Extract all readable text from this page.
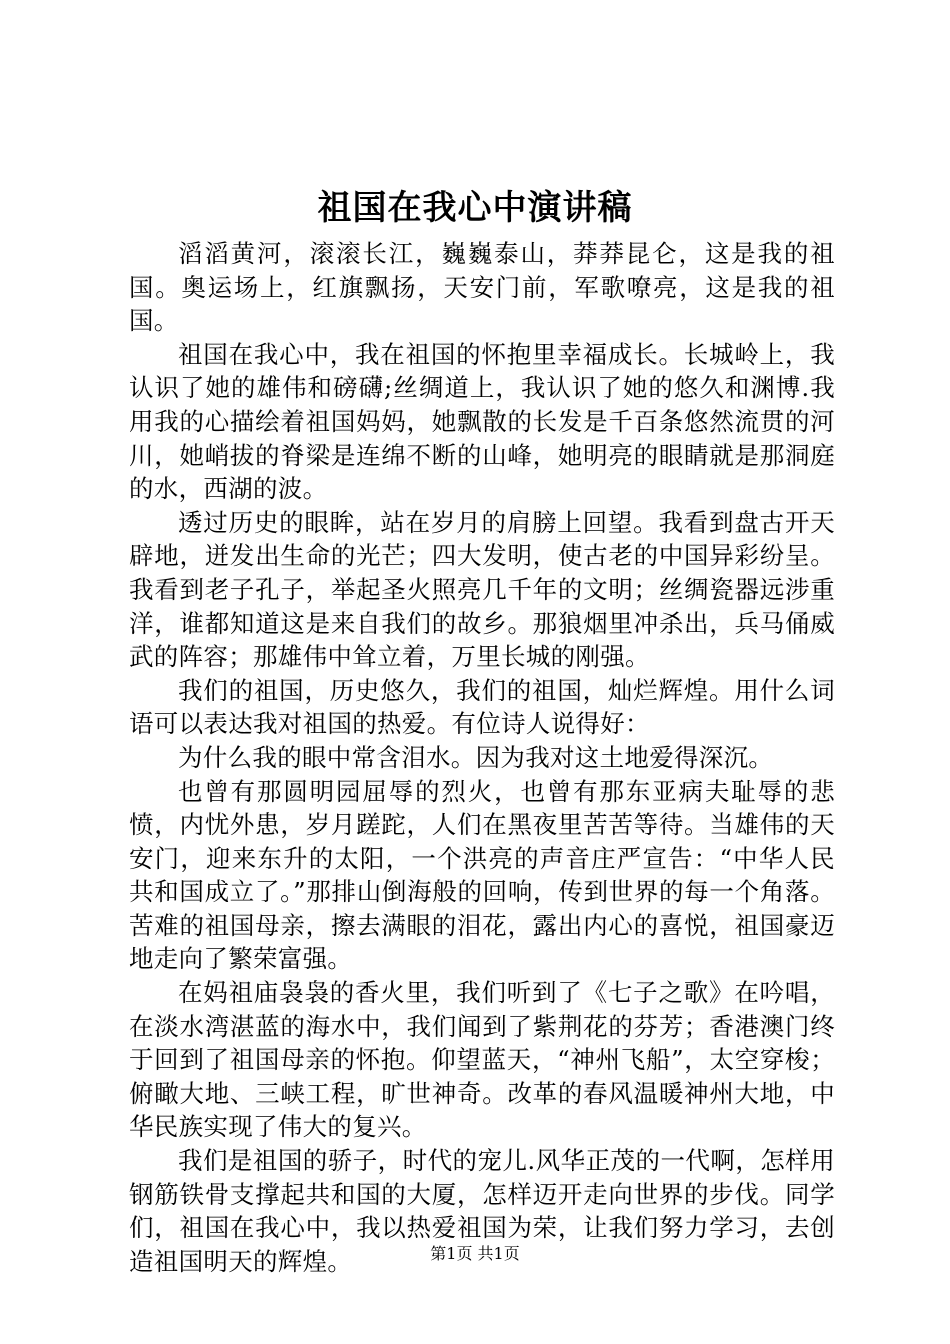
祖国在我心中演讲稿

滔滔黄河，滚滚长江，巍巍泰山，莽莽昆仑，这是我的祖国。奥运场上，红旗飘扬，天安门前，军歌嘹亮，这是我的祖国。

祖国在我心中，我在祖国的怀抱里幸福成长。长城岭上，我认识了她的雄伟和磅礴;丝绸道上，我认识了她的悠久和渊博.我用我的心描绘着祖国妈妈，她飘散的长发是千百条悠然流贯的河川，她峭拔的脊梁是连绵不断的山峰，她明亮的眼睛就是那洞庭的水，西湖的波。

透过历史的眼眸，站在岁月的肩膀上回望。我看到盘古开天辟地，迸发出生命的光芒；四大发明，使古老的中国异彩纷呈。我看到老子孔子，举起圣火照亮几千年的文明；丝绸瓷器远涉重洋，谁都知道这是来自我们的故乡。那狼烟里冲杀出，兵马俑威武的阵容；那雄伟中耸立着，万里长城的刚强。

我们的祖国，历史悠久，我们的祖国，灿烂辉煌。用什么词语可以表达我对祖国的热爱。有位诗人说得好：

为什么我的眼中常含泪水。因为我对这土地爱得深沉。

也曾有那圆明园屈辱的烈火，也曾有那东亚病夫耻辱的悲愤，内忧外患，岁月蹉跎，人们在黑夜里苦苦等待。当雄伟的天安门，迎来东升的太阳，一个洪亮的声音庄严宣告：“中华人民共和国成立了。”那排山倒海般的回响，传到世界的每一个角落。苦难的祖国母亲，擦去满眼的泪花，露出内心的喜悦，祖国豪迈地走向了繁荣富强。

在妈祖庙袅袅的香火里，我们听到了《七子之歌》在吟唱，在淡水湾湛蓝的海水中，我们闻到了紫荆花的芬芳；香港澳门终于回到了祖国母亲的怀抱。仰望蓝天，“神州飞船”，太空穿梭；俯瞰大地、三峡工程，旷世神奇。改革的春风温暖神州大地，中华民族实现了伟大的复兴。

我们是祖国的骄子，时代的宠儿.风华正茂的一代啊，怎样用钢筋铁骨支撑起共和国的大厦，怎样迈开走向世界的步伐。同学们，祖国在我心中，我以热爱祖国为荣，让我们努力学习，去创造祖国明天的辉煌。	第1页 共1页
